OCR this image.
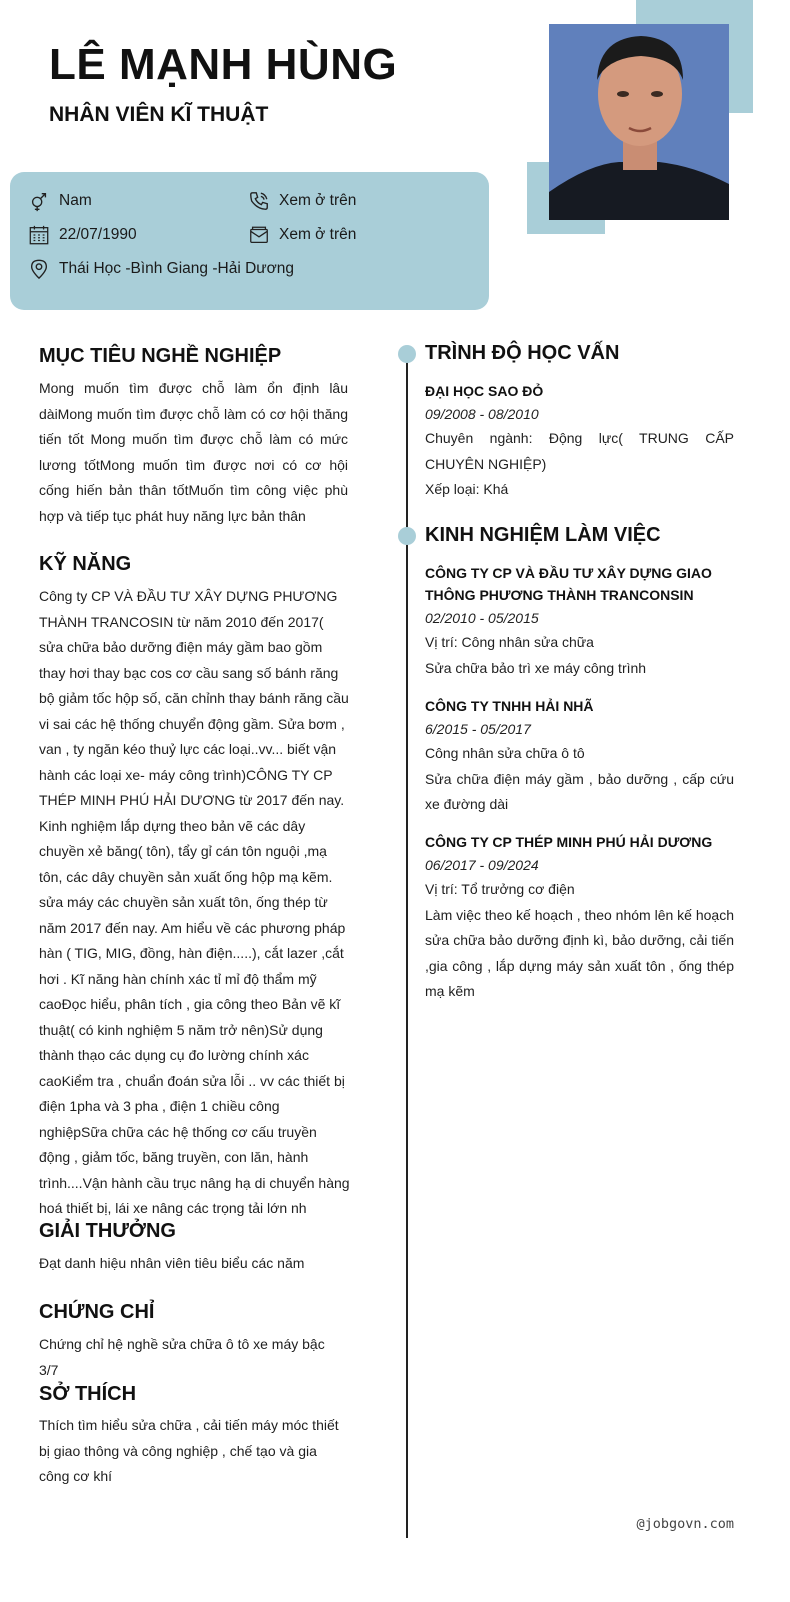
LÊ MẠNH HÙNG
NHÂN VIÊN KĨ THUẬT
Nam	Xem ở trên
22/07/1990	Xem ở trên
Thái Học -Bình Giang -Hải Dương
MỤC TIÊU NGHỀ NGHIỆP
Mong muốn tìm được chỗ làm ổn định lâu dàiMong muốn tìm được chỗ làm có cơ hội thăng tiến tốt Mong muốn tìm được chỗ làm có mức lương tốtMong muốn tìm được nơi có cơ hội cống hiến bản thân tốtMuốn tìm công việc phù hợp và tiếp tục phát huy năng lực bản thân
KỸ NĂNG
Công ty CP VÀ ĐẦU TƯ XÂY DỰNG PHƯƠNG THÀNH TRANCOSIN từ năm 2010 đến 2017( sửa chữa bảo dưỡng điện máy gầm bao gồm thay hơi thay bạc cos cơ cầu sang số bánh răng bộ giảm tốc hộp số, căn chỉnh thay bánh răng cầu vi sai các hệ thống chuyển động gầm. Sửa bơm , van , ty ngăn kéo thuỷ lực các loại..vv... biết vận hành các loại xe- máy công trình)CÔNG TY CP THÉP MINH PHÚ HẢI DƯƠNG từ 2017 đến nay. Kinh nghiệm lắp dựng theo bản vẽ các dây chuyền xẻ băng( tôn), tẩy gỉ cán tôn nguội ,mạ tôn, các dây chuyền sản xuất ống hộp mạ kẽm. sửa máy các chuyền sản xuất tôn, ống thép từ năm 2017 đến nay. Am hiểu về các phương pháp hàn ( TIG, MIG, đồng, hàn điện.....), cắt lazer ,cắt hơi . Kĩ năng hàn chính xác tỉ mỉ độ thẩm mỹ caoĐọc hiểu, phân tích , gia công theo Bản vẽ kĩ thuật( có kinh nghiệm 5 năm trở nên)Sử dụng thành thạo các dụng cụ đo lường chính xác caoKiểm tra , chuẩn đoán sửa lỗi .. vv các thiết bị điện 1pha và 3 pha , điện 1 chiều công nghiệpSữa chữa các hệ thống cơ cấu truyền động , giảm tốc, băng truyền, con lăn, hành trình....Vận hành cầu trục nâng hạ di chuyển hàng hoá thiết bị, lái xe nâng các trọng tải lớn nh
GIẢI THƯỞNG
Đạt danh hiệu nhân viên tiêu biểu các năm
CHỨNG CHỈ
Chứng chỉ hệ nghề sửa chữa ô tô xe máy bậc 3/7
SỞ THÍCH
Thích tìm hiểu sửa chữa , cải tiến máy móc thiết bị giao thông và công nghiệp , chế tạo và gia công cơ khí
TRÌNH ĐỘ HỌC VẤN
ĐẠI HỌC SAO ĐỎ
09/2008 - 08/2010
Chuyên ngành: Động lực( TRUNG CẤP CHUYÊN NGHIỆP)
Xếp loại: Khá
KINH NGHIỆM LÀM VIỆC
CÔNG TY CP VÀ ĐẦU TƯ XÂY DỰNG GIAO THÔNG PHƯƠNG THÀNH TRANCONSIN
02/2010 - 05/2015
Vị trí: Công nhân sửa chữa
Sửa chữa bảo trì xe máy công trình
CÔNG TY TNHH HẢI NHÃ
6/2015 - 05/2017
Công nhân sửa chữa ô tô
Sửa chữa điện máy gầm , bảo dưỡng , cấp cứu xe đường dài
CÔNG TY CP THÉP MINH PHÚ HẢI DƯƠNG
06/2017 - 09/2024
Vị trí: Tổ trưởng cơ điện
Làm việc theo kế hoạch , theo nhóm lên kế hoạch sửa chữa bảo dưỡng định kì, bảo dưỡng, cải tiến ,gia công , lắp dựng máy sản xuất tôn , ống thép mạ kẽm
@jobgovn.com
